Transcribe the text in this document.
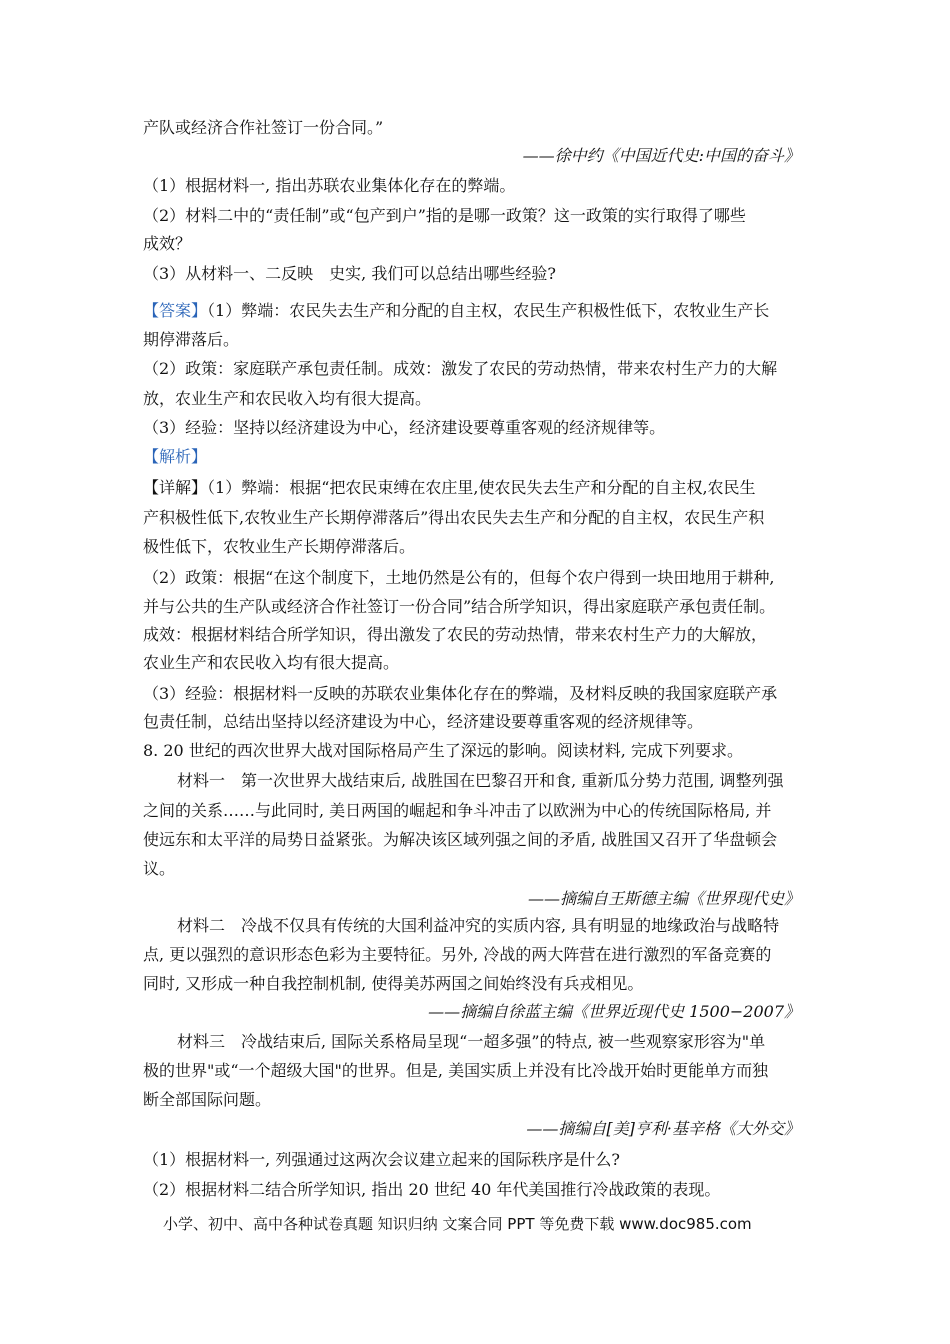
产队或经济合作社签订一份合同。”
——徐中约《中国近代史:中国的奋斗》
（1）根据材料一, 指出苏联农业集体化存在的弊端。
（2）材料二中的“责任制”或“包产到户”指的是哪一政策？这一政策的实行取得了哪些
成效？
（3）从材料一、二反映　史实, 我们可以总结出哪些经验?
【答案】（1）弊端：农民失去生产和分配的自主权，农民生产积极性低下，农牧业生产长
期停滞落后。
（2）政策：家庭联产承包责任制。成效：激发了农民的劳动热情，带来农村生产力的大解
放，农业生产和农民收入均有很大提高。
（3）经验：坚持以经济建设为中心，经济建设要尊重客观的经济规律等。
【解析】
【详解】（1）弊端：根据“把农民束缚在农庄里,使农民失去生产和分配的自主权,农民生
产积极性低下,农牧业生产长期停滞落后”得出农民失去生产和分配的自主权，农民生产积
极性低下，农牧业生产长期停滞落后。
（2）政策：根据“在这个制度下，土地仍然是公有的，但每个农户得到一块田地用于耕种,
并与公共的生产队或经济合作社签订一份合同”结合所学知识，得出家庭联产承包责任制。
成效：根据材料结合所学知识，得出激发了农民的劳动热情，带来农村生产力的大解放，
农业生产和农民收入均有很大提高。
（3）经验：根据材料一反映的苏联农业集体化存在的弊端，及材料反映的我国家庭联产承
包责任制，总结出坚持以经济建设为中心，经济建设要尊重客观的经济规律等。
8. 20 世纪的西次世界大战对国际格局产生了深远的影响。阅读材料, 完成下列要求。
材料一　第一次世界大战结束后, 战胜国在巴黎召开和食, 重新瓜分势力范围, 调整列强
之间的关系……与此同时, 美日两国的崛起和争斗冲击了以欧洲为中心的传统国际格局, 并
使远东和太平洋的局势日益紧张。为解决该区域列强之间的矛盾, 战胜国又召开了华盘顿会
议。
——摘编自王斯德主编《世界现代史》
材料二　冷战不仅具有传统的大国利益冲究的实质内容, 具有明显的地缘政治与战略特
点, 更以强烈的意识形态色彩为主要特征。另外, 冷战的两大阵营在进行激烈的军备竞赛的
同时, 又形成一种自我控制机制, 使得美苏两国之间始终没有兵戎相见。
——摘编自徐蓝主编《世界近现代史 1500−2007》
材料三　冷战结束后, 国际关系格局呈现“一超多强”的特点, 被一些观察家形容为"单
极的世界"或“一个超级大国"的世界。但是, 美国实质上并没有比冷战开始时更能单方而独
断全部国际问题。
——摘编自[美]亨利·基辛格《大外交》
（1）根据材料一, 列强通过这两次会议建立起来的国际秩序是什么?
（2）根据材料二结合所学知识, 指出 20 世纪 40 年代美国推行冷战政策的表现。
小学、初中、高中各种试卷真题 知识归纳 文案合同 PPT 等免费下载 www.doc985.com
